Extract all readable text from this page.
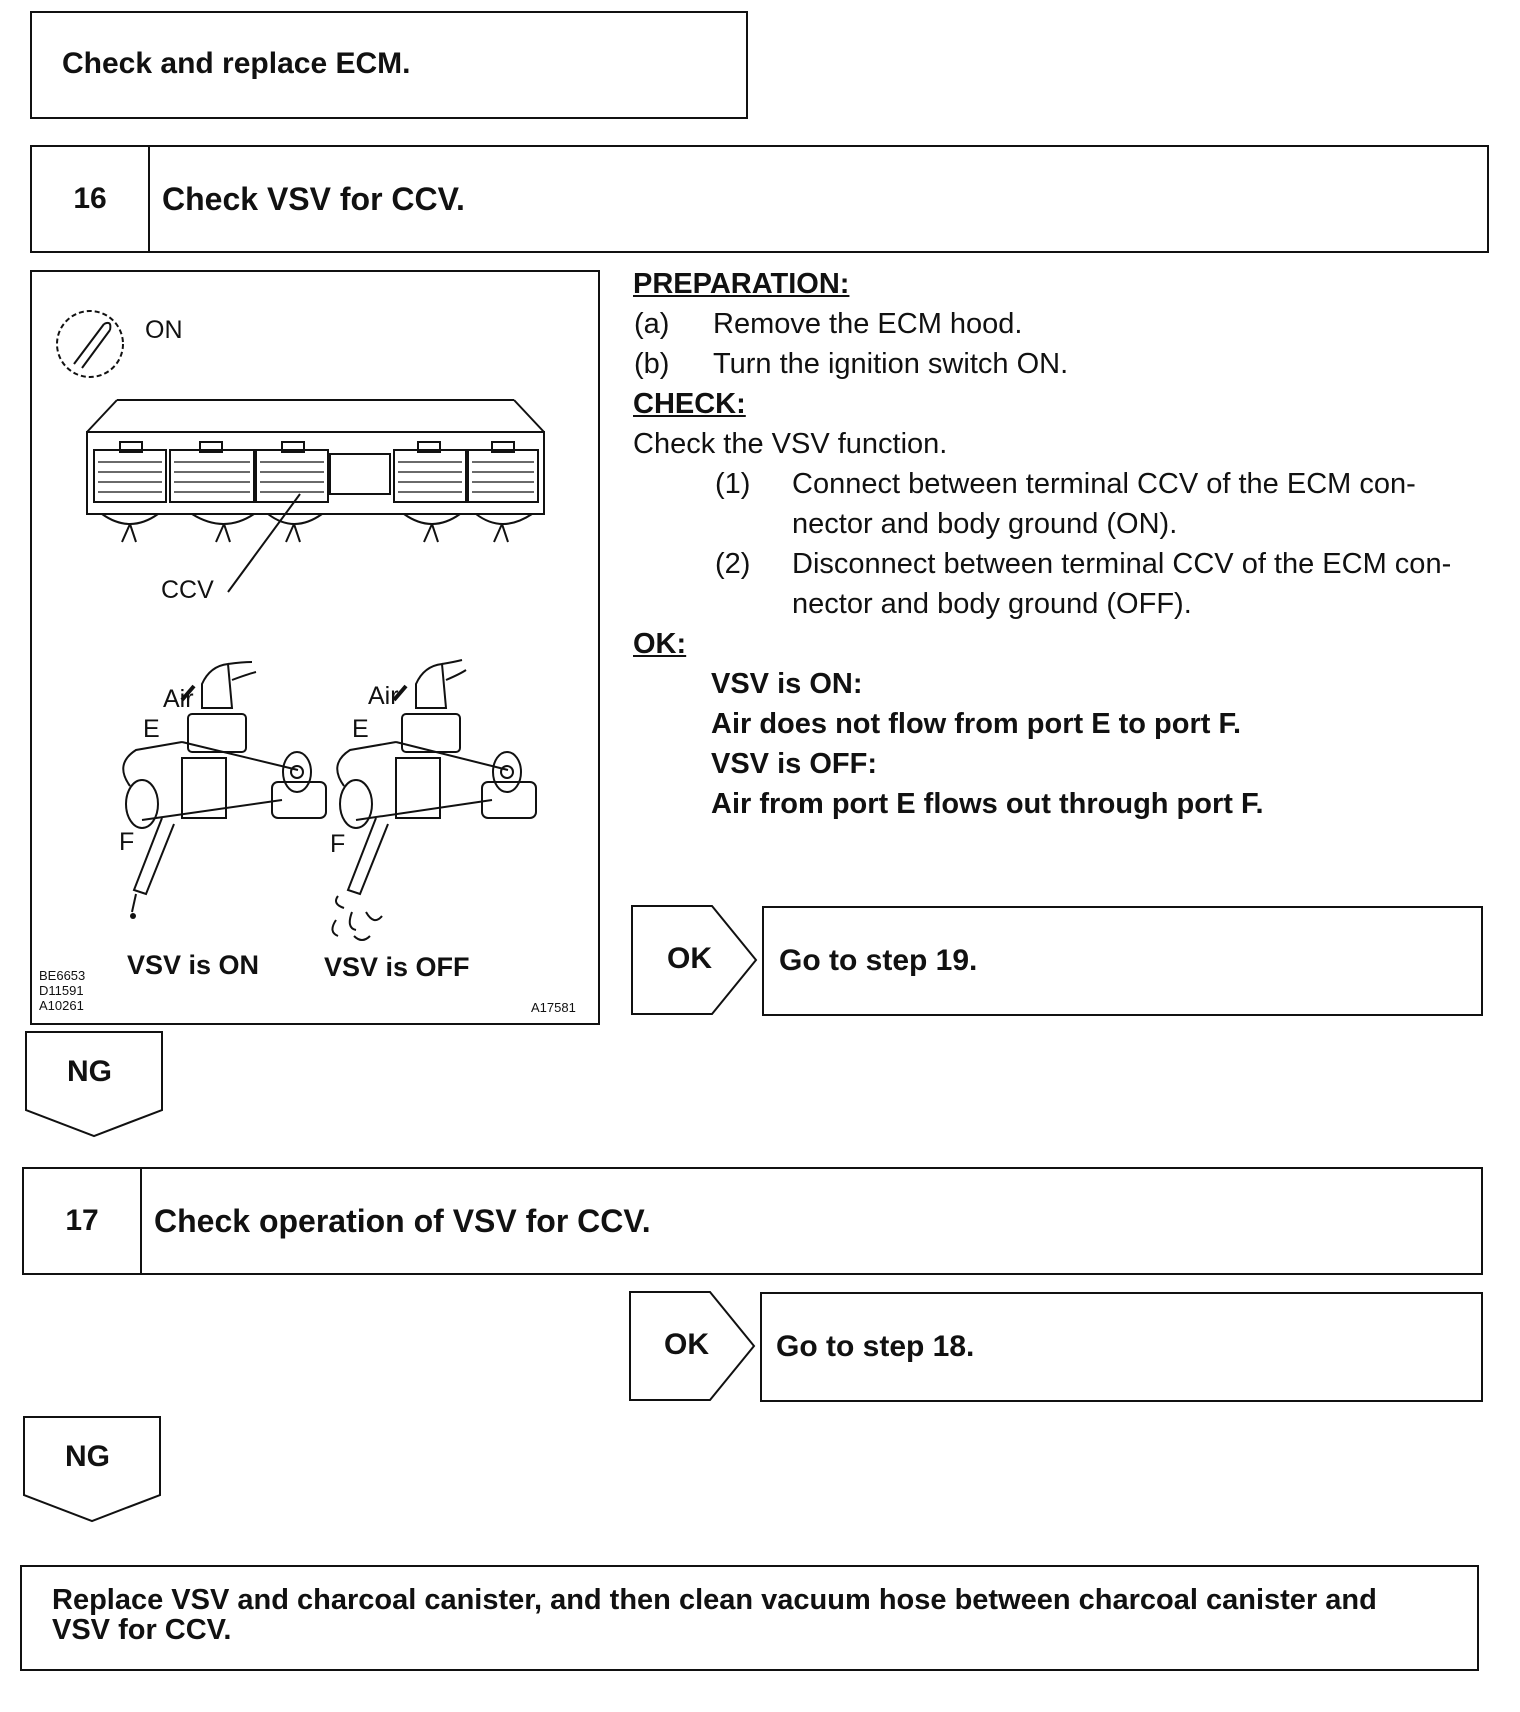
Check and replace ECM.
16	Check VSV for CCV.
ON
CCV
Air
E
F
Air
E
F
VSV is ON VSV is OFF
BE6653
D11591
A10261	A17581
PREPARATION:
(a) Remove the ECM hood.
(b) Turn the ignition switch ON.
CHECK:
Check the VSV function.
(1) Connect between terminal CCV of the ECM con-
nector and body ground (ON).
(2) Disconnect between terminal CCV of the ECM con-
nector and body ground (OFF).
OK:
VSV is ON:
Air does not flow from port E to port F.
VSV is OFF:
Air from port E flows out through port F.
OK Go to step 19.
NG
17	Check operation of VSV for CCV.
OK Go to step 18.
NG
Replace VSV and charcoal canister, and then clean vacuum hose between charcoal canister and
VSV for CCV.
